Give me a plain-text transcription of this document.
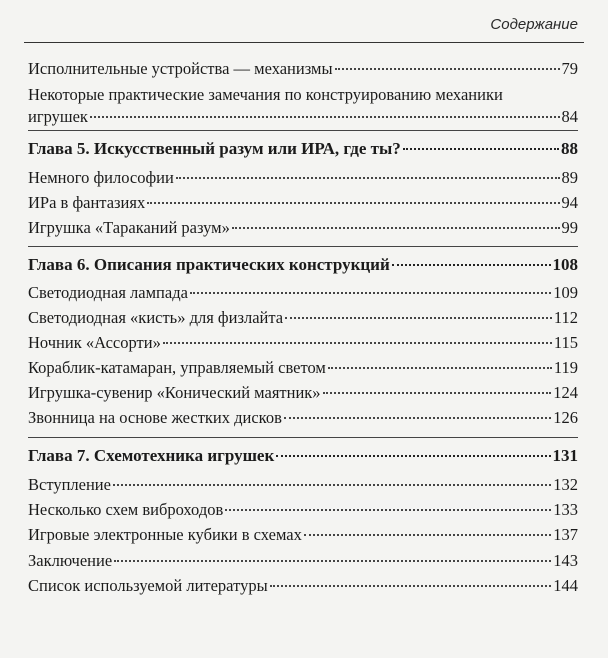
Содержание
Исполнительные устройства — механизмы	79
Некоторые практические замечания по конструированию механики
игрушек	84
Глава 5. Искусственный разум или ИРА, где ты?	88
Немного философии	89
ИРа в фантазиях	94
Игрушка «Тараканий разум»	99
Глава 6. Описания практических конструкций	108
Светодиодная лампада	109
Светодиодная «кисть» для физлайта	112
Ночник «Ассорти»	115
Кораблик-катамаран, управляемый светом	119
Игрушка-сувенир «Конический маятник»	124
Звонница на основе жестких дисков	126
Глава 7. Схемотехника игрушек	131
Вступление	132
Несколько схем виброходов	133
Игровые электронные кубики в схемах	137
Заключение	143
Список используемой литературы	144
